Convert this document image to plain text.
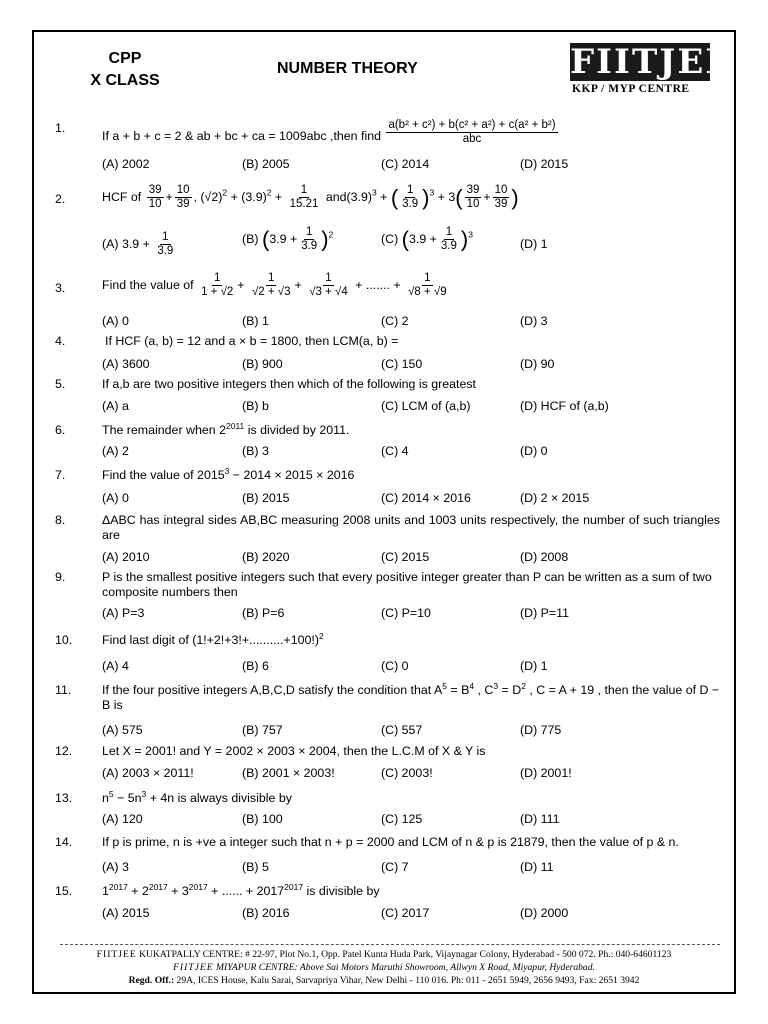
CPP
X CLASS
NUMBER THEORY	FIITJEE
KKP / MYP CENTRE
1.
If a + b + c = 2 & ab + bc + ca = 1009abc ,then find $\frac{\text{a(b² + c²) + b(c² + a²) + c(a² + b²)}}{\text{abc}}$
(A) 2002	(B) 2005	(C) 2014	(D) 2015
2.	HCF of $\frac{39}{10} + \frac{10}{39}$ , $(√2)^2 + (3.9)^2 + \frac{1}{15.21} and(3.9)^3$ + ( $\frac{1}{3.9} )^3 + 3( \frac{39}{10} + \frac{10}{39}$ )
(A) $3.9 + \frac{1}{3.9}$	(B) $(3.9 + \frac{1}{3.9} )^2$	(C) $(3.9 + \frac{1}{3.9} )^3$
(D) 1
3.	Find the value of $\frac{1}{1 + √2} + \frac{1}{√2 + √3} + \frac{1}{√3 + √4}$ + ....... + $\frac{1}{√8 + √9}$
(A) 0	(B) 1	(C) 2	(D) 3
4.	If HCF (a, b) = 12 and a × b = 1800, then LCM(a, b) =
(A) 3600	(B) 900	(C) 150	(D) 90
5.	If a,b are two positive integers then which of the following is greatest
(A) a	(B) b	(C) LCM of (a,b)	(D) HCF of (a,b)
6.	The remainder when $2^{2011}$ is divided by 2011.
(A) 2	(B) 3	(C) 4	(D) 0
7.	Find the value of $2015^3 - 2014 \times 2015 \times 2016$
(A) 0	(B) 2015	(C) 2014 × 2016	(D) 2 × 2015
8.	ΔABC has integral sides AB,BC measuring 2008 units and 1003 units respectively, the number of such triangles are
(A) 2010	(B) 2020	(C) 2015	(D) 2008
9.	P is the smallest positive integers such that every positive integer greater than P can be written as a sum of two composite numbers then
(A) P=3	(B) P=6	(C) P=10	(D) P=11
10. Find last digit of $(1!+2!+3!+..........+100!)^2$
(A) 4	(B) 6	(C) 0	(D) 1
11. If the four positive integers A,B,C,D satisfy the condition that $A^5 = B^4$ , $C^3 = D^2$ , C = A + 19 , then the value of D − B is
(A) 575	(B) 757	(C) 557	(D) 775
12. Let X = 2001! and Y = 2002 × 2003 × 2004, then the L.C.M of X & Y is
(A) 2003 × 2011!	(B) 2001 × 2003!	(C) 2003!	(D) 2001!
13. $n^5 - 5n^3 + 4n$ is always divisible by
(A) 120	(B) 100	(C) 125	(D) 111
14. If p is prime, n is +ve a integer such that n + p = 2000 and LCM of n & p is 21879, then the value of p & n.
(A) 3	(B) 5	(C) 7	(D) 11
15. $1^{2017} + 2^{2017} + 3^{2017}$ + ...... + $2017^{2017}$ is divisible by
(A) 2015	(B) 2016	(C) 2017	(D) 2000
FIITJEE KUKATPALLY CENTRE: # 22-97, Plot No.1, Opp. Patel Kunta Huda Park, Vijaynagar Colony, Hyderabad - 500 072. Ph.: 040-64601123
FIITJEE MIYAPUR CENTRE: Above Sai Motors Maruthi Showroom, Allwyn X Road, Miyapur, Hyderabad.
Regd. Off.: 29A, ICES House, Kalu Sarai, Sarvapriya Vihar, New Delhi - 110 016. Ph: 011 - 2651 5949, 2656 9493, Fax: 2651 3942
